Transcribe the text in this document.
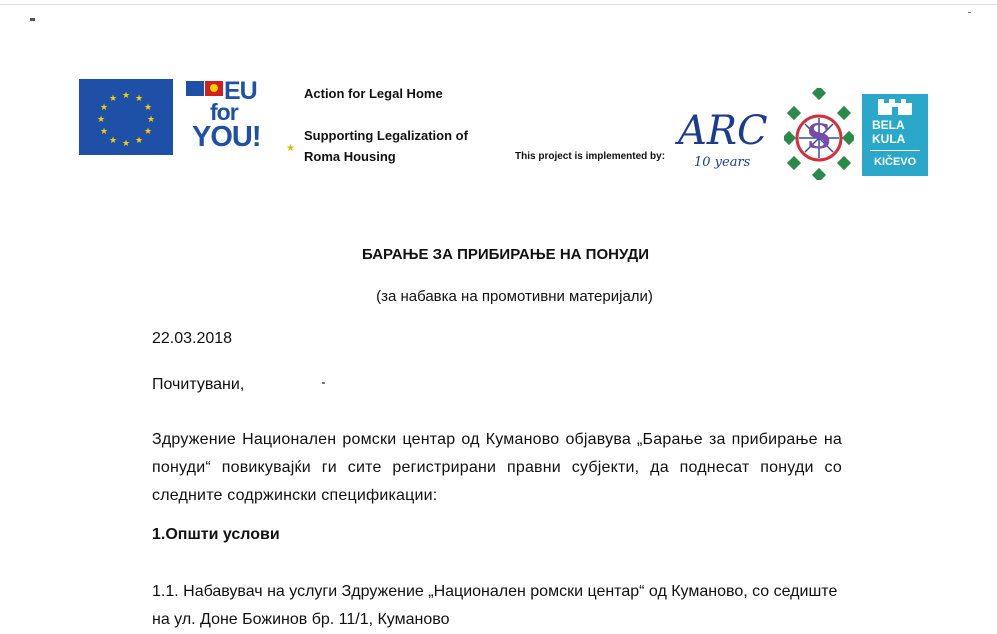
★ ★
★
★
★
★
★
★
★
★
★
★	EU
for
YOU!	★
Action for Legal Home
Supporting Legalization of
Roma Housing	This project is implemented by:
ARC
10 years
S	BELA
KULA
KIČEVO
БАРАЊЕ ЗА ПРИБИРАЊЕ НА ПОНУДИ
(за набавка на промотивни материјали)
22.03.2018
Почитувани,
Здружение Национален ромски центар од Куманово објавува „Барање за прибирање на понуди“ повикувајќи ги сите регистрирани правни субјекти, да поднесат понуди со следните содржински спецификации:
1.Општи услови
1.1. Набавувач на услуги Здружение „Национален ромски центар“ од Куманово, со седиште на ул. Доне Божинов бр. 11/1, Куманово
